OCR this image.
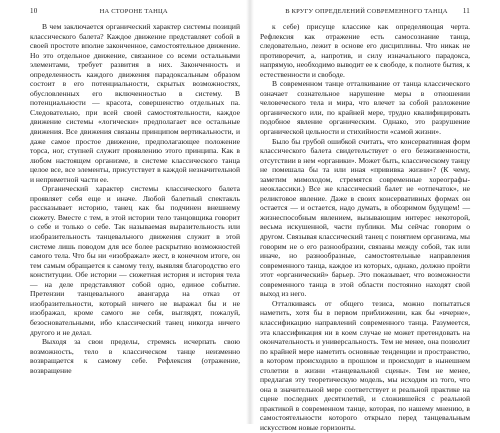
10	НА СТОРОНЕ ТАНЦА

В чем заключается органический характер системы позиций классического балета? Каждое движение представляет собой в своей простоте вполне законченное, самостоятельное движение. Но это отдельное движение, связанное со всеми остальными элементами, требует развития в них. Законченность и определенность каждого движения парадоксальным образом состоит в его потенциальности, скрытых возможностях, обусловленных его включенностью в систему. В потенциальности — красота, совершенство отдельных па. Следовательно, при всей своей самостоятельности, каждое движение системы «логически» предполагает все остальные движения. Все движения связаны принципом вертикальности, и даже самое простое движение, предполагающее положение торса, ног, ступней служит проявлению этого принципа. Как в любом настоящем организме, в системе классического танца целое все, все элементы, присутствует в каждой незначительной и неприметной части ее.

Органический характер системы классического балета проявляет себя еще и иначе. Любой балетный спектакль рассказывает историю, танец как бы подчинен внешнему сюжету. Вместе с тем, в этой истории тело танцовщика говорит о себе и только о себе. Так называемая выразительность или изобразительность танцевального движения служит в этой системе лишь поводом для все более раскрытию возможностей самого тела. Что бы ни «изображал» жест, в конечном итоге, он тем самым обращается к самому телу, выявляя благородство его конституции. Обе истории — сюжетная история и история тела — на деле представляют собой одно, единое событие. Претензии танцевального авангарда на отказ от изобразительности, который ничего не выражал бы и не изображал, кроме самого же себя, выглядят, пожалуй, безосновательными, ибо классический танец никогда ничего другого и не делал.

Выходя за свои пределы, стремясь исчерпать свою возможность, тело в классическом танце неизменно возвращается к самому себе. Рефлексия (отражение, возвращение

В КРУГУ ОПРЕДЕЛЕНИЙ СОВРЕМЕННОГО ТАНЦА 11

к себе) присуще классике как определяющая черта. Рефлексия как отражение есть самосознание танца, следовательно, лежит в основе его дисциплины. Что никак не противоречит, а, напротив, и силу изначального парадокса, напрямую, необходимо выводит ее к свободе, к полноте бытия, к естественности и свободе.

В современном танце отталкивание от танца классического означает сознательное нарушение меры в отношении человеческого тела и мира, что влечет за собой разложение органического или, по крайней мере, трудно квалифицировать подобное явление органическим. Однако, это разрушение органической цельности и стихийности «самой жизни».

Было бы грубой ошибкой считать, что консервативная форм классического балета свидетельствует о его безжизненности, отсутствии в нем «органики». Может быть, классическому танцу не помешала бы та или иная «прививка жизни»? (К чему, заметим мимоходом, стремятся современные хореографы-неоклассики.) Все же классический балет не «отпечаток», не реликтовое явление. Даже в своих консервативных формах он остается — и остается, надо думать, в обозримом будущем! — жизнеспособным явлением, вызывающим интерес некоторой, весьма искушенной, части публики. Мы сейчас говорим о другом. Связывая классический танец с понятием организма, мы говорим не о его разнообразии, связаны между собой, так или иначе, но разнообразные, самостоятельные направления современного танца, каждое из которых, однако, должно пройти этот «органический» барьер. Это показывает, что возможности современного танца в этой области постоянно находят свой выход из него.

Отталкиваясь от общего тезиса, можно попытаться наметить, хотя бы в первом приближении, как бы «вчерне», классификацию направлений современного танца. Разумеется, эта классификация ни в коем случае не может претендовать на окончательность и универсальность. Тем не менее, она позволит по крайней мере наметить основные тенденции и пространство, в котором происходило в прошлом и происходит в нынешнем столетии в жизни «танцевальной сцены». Тем не менее, предлагая эту теоретическую модель, мы исходим из того, что она в значительной мере соответствует и реальной практике на сцене последних десятилетий, и сложившейся с реальной практикой в современном танце, которая, по нашему мнению, в самостоятельности которого открыло перед танцевальным искусством новые горизонты.
